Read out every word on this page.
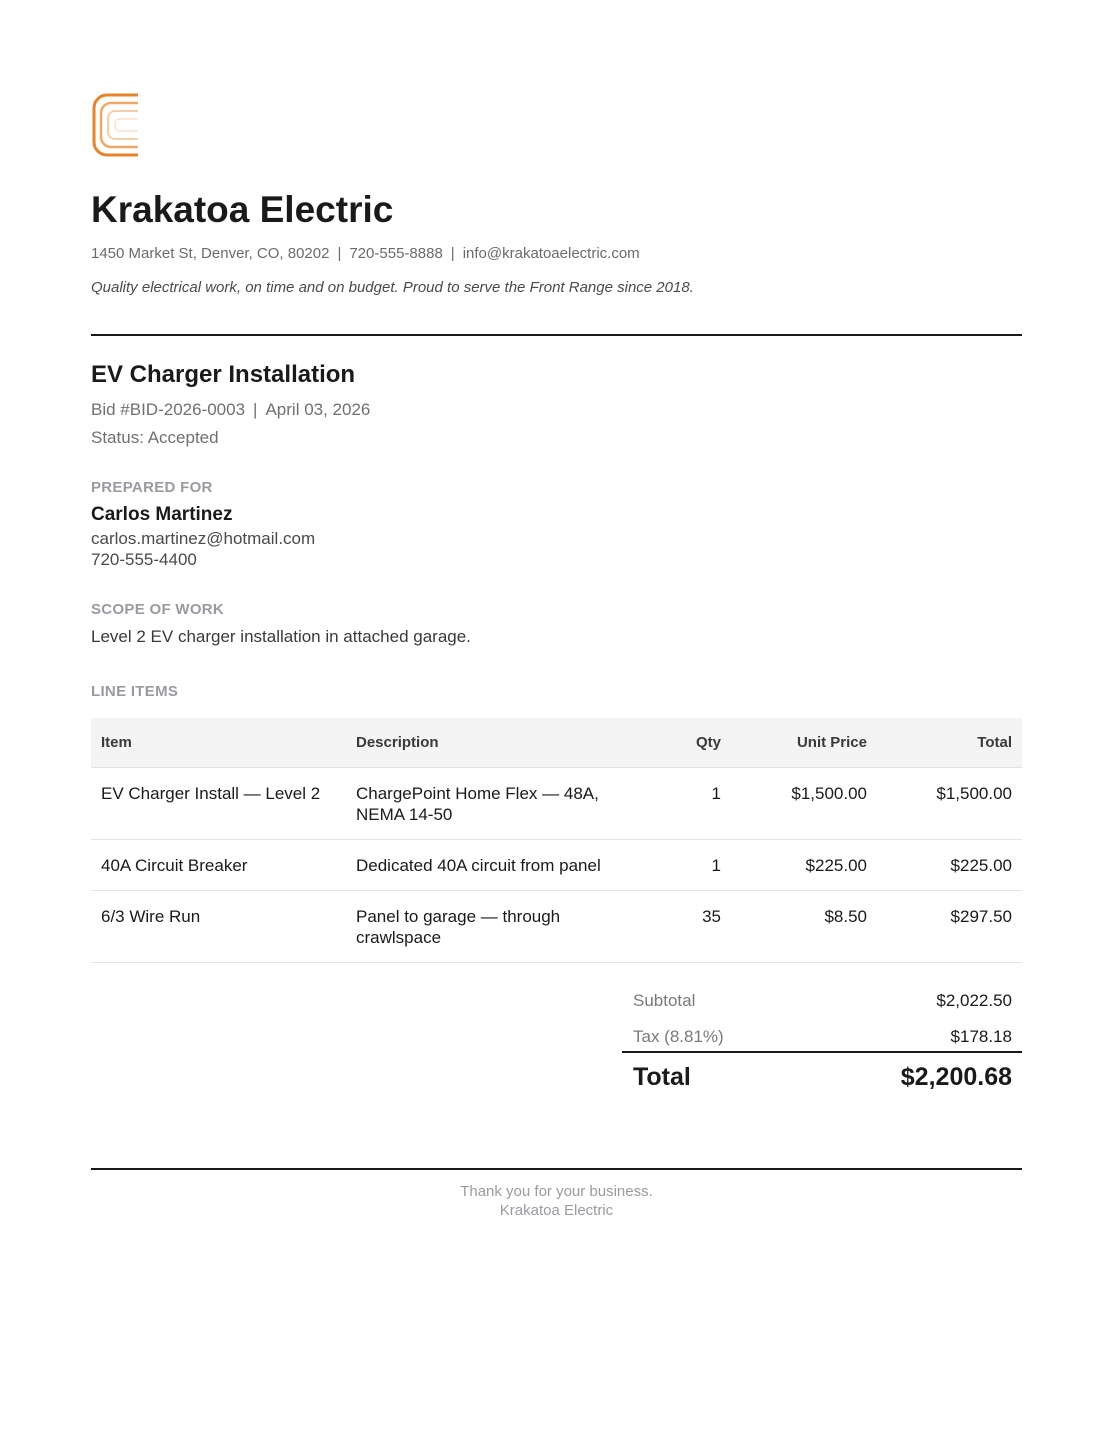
Krakatoa Electric
1450 Market St, Denver, CO, 80202 | 720-555-8888 | info@krakatoaelectric.com
Quality electrical work, on time and on budget. Proud to serve the Front Range since 2018.
EV Charger Installation
Bid #BID-2026-0003 | April 03, 2026
Status: Accepted
PREPARED FOR
Carlos Martinez
carlos.martinez@hotmail.com
720-555-4400
SCOPE OF WORK
Level 2 EV charger installation in attached garage.
LINE ITEMS
Item	Description	Qty	Unit Price	Total
EV Charger Install — Level 2	ChargePoint Home Flex — 48A, NEMA 14-50	1	$1,500.00	$1,500.00
40A Circuit Breaker	Dedicated 40A circuit from panel	1	$225.00	$225.00
6/3 Wire Run	Panel to garage — through crawlspace	35	$8.50	$297.50
Subtotal	$2,022.50
Tax (8.81%)	$178.18
Total	$2,200.68
Thank you for your business.
Krakatoa Electric
